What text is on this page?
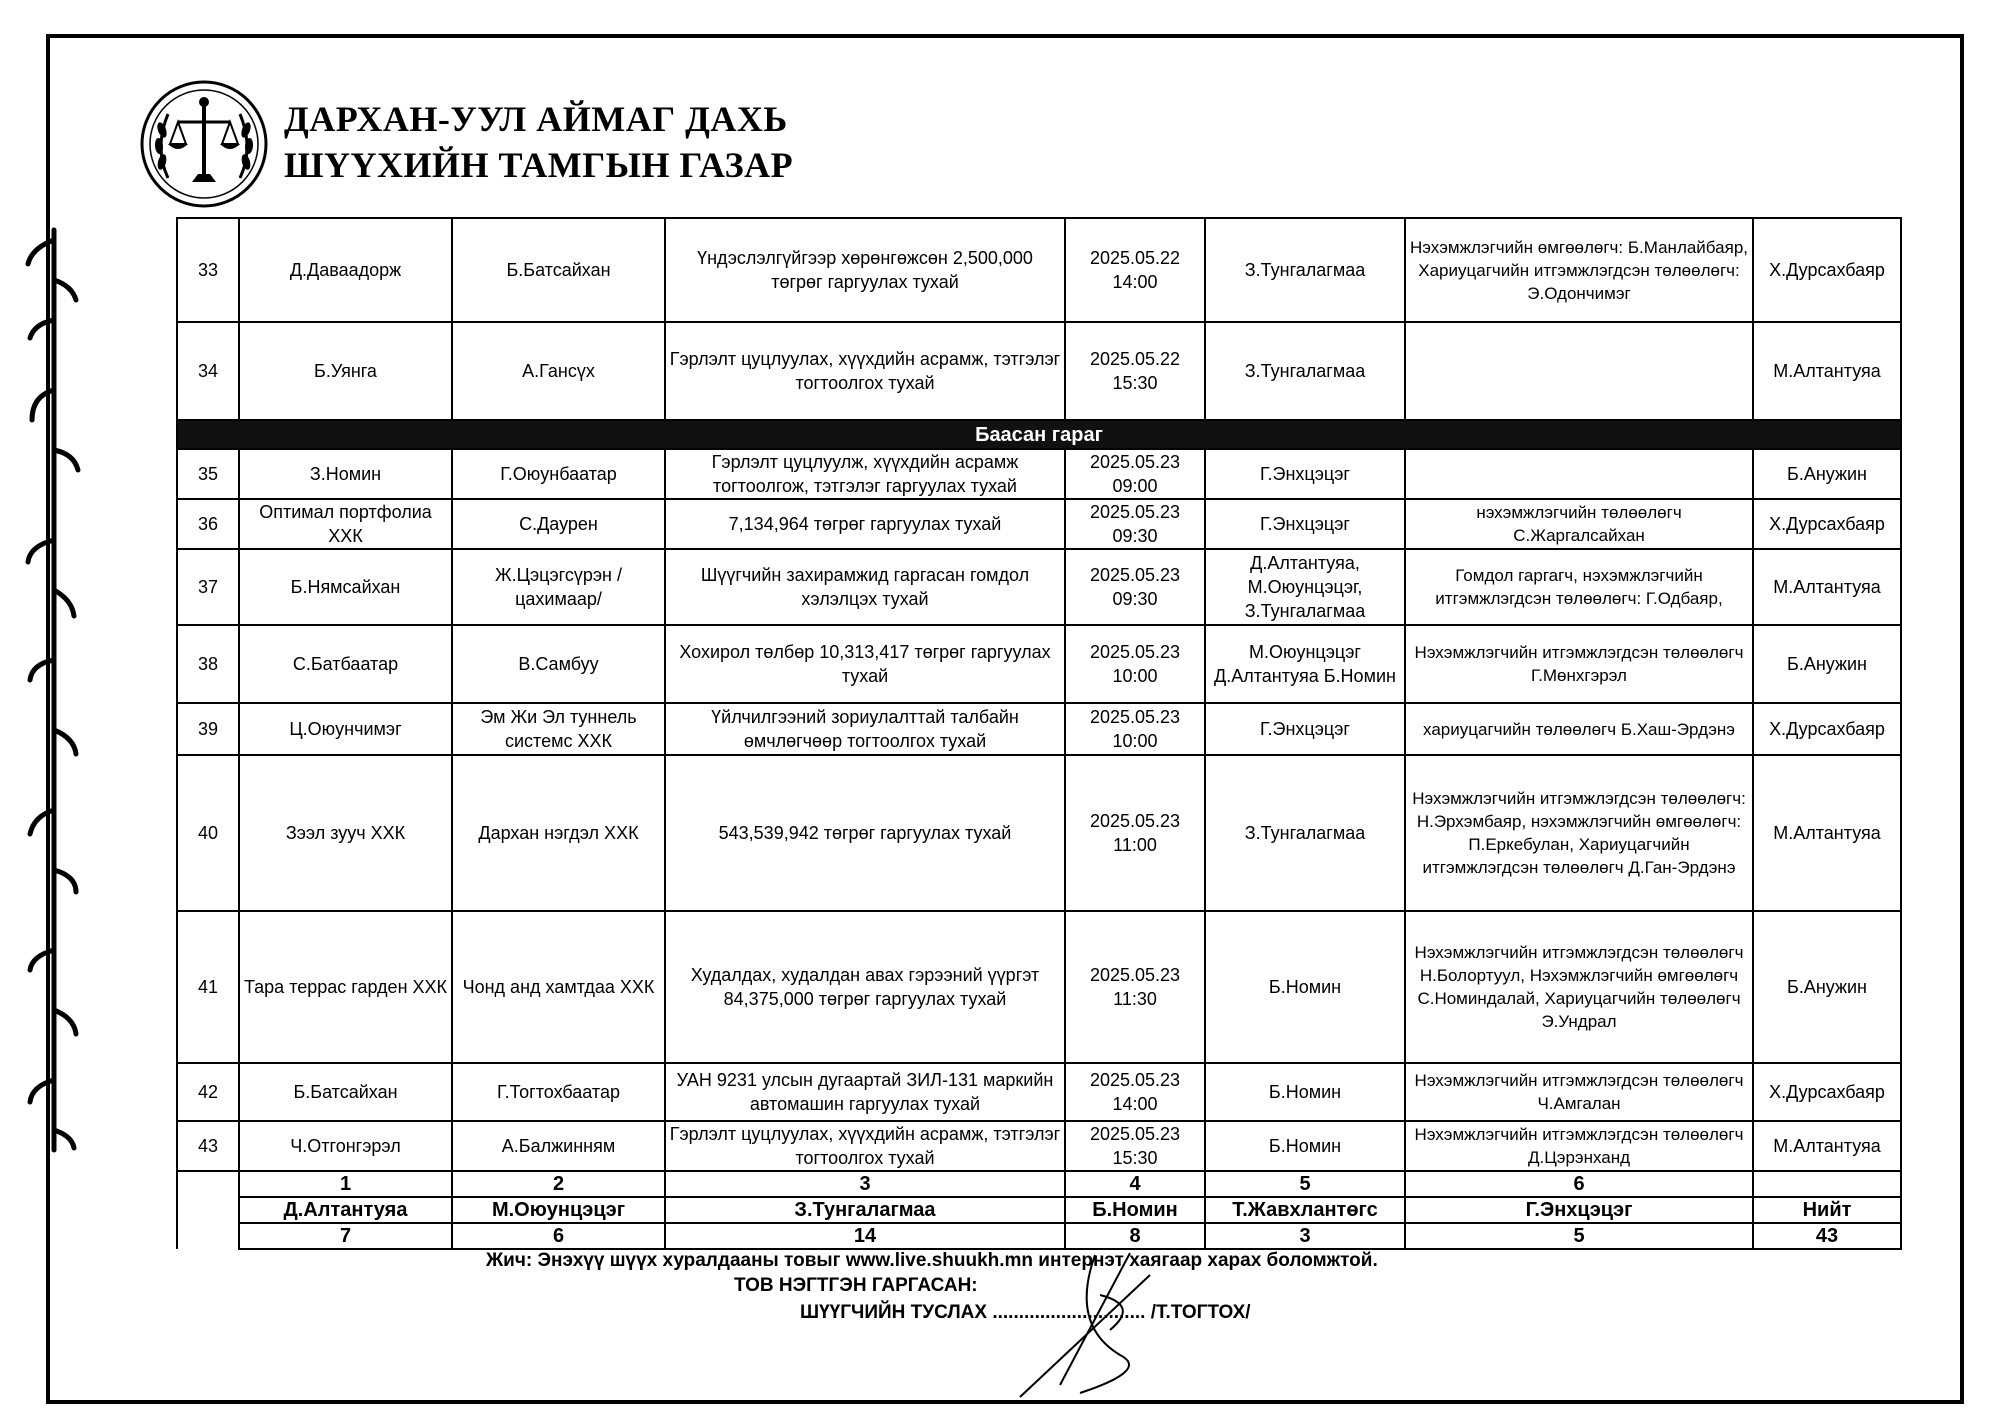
ДАРХАН-УУЛ АЙМАГ ДАХЬ
ШҮҮХИЙН ТАМГЫН ГАЗАР
33	Д.Даваадорж	Б.Батсайхан	Үндэслэлгүйгээр хөрөнгөжсөн 2,500,000 төгрөг гаргуулах тухай	2025.05.22 14:00	З.Тунгалагмаа	Нэхэмжлэгчийн өмгөөлөгч: Б.Манлайбаяр, Хариуцагчийн итгэмжлэгдсэн төлөөлөгч: Э.Одончимэг	Х.Дурсахбаяр
34	Б.Уянга	А.Гансүх	Гэрлэлт цуцлуулах, хүүхдийн асрамж, тэтгэлэг тогтоолгох тухай	2025.05.22 15:30	З.Тунгалагмаа		М.Алтантуяа
Баасан гараг							
35	З.Номин	Г.Оюунбаатар	Гэрлэлт цуцлуулж, хүүхдийн асрамж тогтоолгож, тэтгэлэг гаргуулах тухай	2025.05.23 09:00	Г.Энхцэцэг		Б.Анужин
36	Оптимал портфолиа ХХК	С.Даурен	7,134,964 төгрөг гаргуулах тухай	2025.05.23 09:30	Г.Энхцэцэг	нэхэмжлэгчийн төлөөлөгч С.Жаргалсайхан	Х.Дурсахбаяр
37	Б.Нямсайхан	Ж.Цэцэгсүрэн /цахимаар/	Шүүгчийн захирамжид гаргасан гомдол хэлэлцэх тухай	2025.05.23 09:30	Д.Алтантуяа, М.Оюунцэцэг, З.Тунгалагмаа	Гомдол гаргагч, нэхэмжлэгчийн итгэмжлэгдсэн төлөөлөгч: Г.Одбаяр,	М.Алтантуяа
38	С.Батбаатар	В.Самбуу	Хохирол төлбөр 10,313,417 төгрөг гаргуулах тухай	2025.05.23 10:00	М.Оюунцэцэг Д.Алтантуяа Б.Номин	Нэхэмжлэгчийн итгэмжлэгдсэн төлөөлөгч Г.Мөнхгэрэл	Б.Анужин
39	Ц.Оюунчимэг	Эм Жи Эл туннель системс ХХК	Үйлчилгээний зориулалттай талбайн өмчлөгчөөр тогтоолгох тухай	2025.05.23 10:00	Г.Энхцэцэг	хариуцагчийн төлөөлөгч Б.Хаш-Эрдэнэ	Х.Дурсахбаяр
40	Зээл зууч ХХК	Дархан нэгдэл ХХК	543,539,942 төгрөг гаргуулах тухай	2025.05.23 11:00	З.Тунгалагмаа	Нэхэмжлэгчийн итгэмжлэгдсэн төлөөлөгч: Н.Эрхэмбаяр, нэхэмжлэгчийн өмгөөлөгч: П.Еркебулан, Хариуцагчийн итгэмжлэгдсэн төлөөлөгч Д.Ган-Эрдэнэ	М.Алтантуяа
41	Тара террас гарден ХХК	Чонд анд хамтдаа ХХК	Худалдах, худалдан авах гэрээний үүргэт 84,375,000 төгрөг гаргуулах тухай	2025.05.23 11:30	Б.Номин	Нэхэмжлэгчийн итгэмжлэгдсэн төлөөлөгч Н.Болортуул, Нэхэмжлэгчийн өмгөөлөгч С.Номиндалай, Хариуцагчийн төлөөлөгч Э.Ундрал	Б.Анужин
42	Б.Батсайхан	Г.Тогтохбаатар	УАН 9231 улсын дугаартай ЗИЛ-131 маркийн автомашин гаргуулах тухай	2025.05.23 14:00	Б.Номин	Нэхэмжлэгчийн итгэмжлэгдсэн төлөөлөгч Ч.Амгалан	Х.Дурсахбаяр
43	Ч.Отгонгэрэл	А.Балжинням	Гэрлэлт цуцлуулах, хүүхдийн асрамж, тэтгэлэг тогтоолгох тухай	2025.05.23 15:30	Б.Номин	Нэхэмжлэгчийн итгэмжлэгдсэн төлөөлөгч Д.Цэрэнханд	М.Алтантуяа
	1	2	3	4	5	6	
	Д.Алтантуяа	М.Оюунцэцэг	З.Тунгалагмаа	Б.Номин	Т.Жавхлантөгс	Г.Энхцэцэг	Нийт
	7	6	14	8	3	5	43
Жич: Энэхүү шүүх хуралдааны товыг www.live.shuukh.mn интернэт хаягаар харах боломжтой.
ТОВ НЭГТГЭН ГАРГАСАН:
ШҮҮГЧИЙН ТУСЛАХ ............................. /Т.ТОГТОХ/
